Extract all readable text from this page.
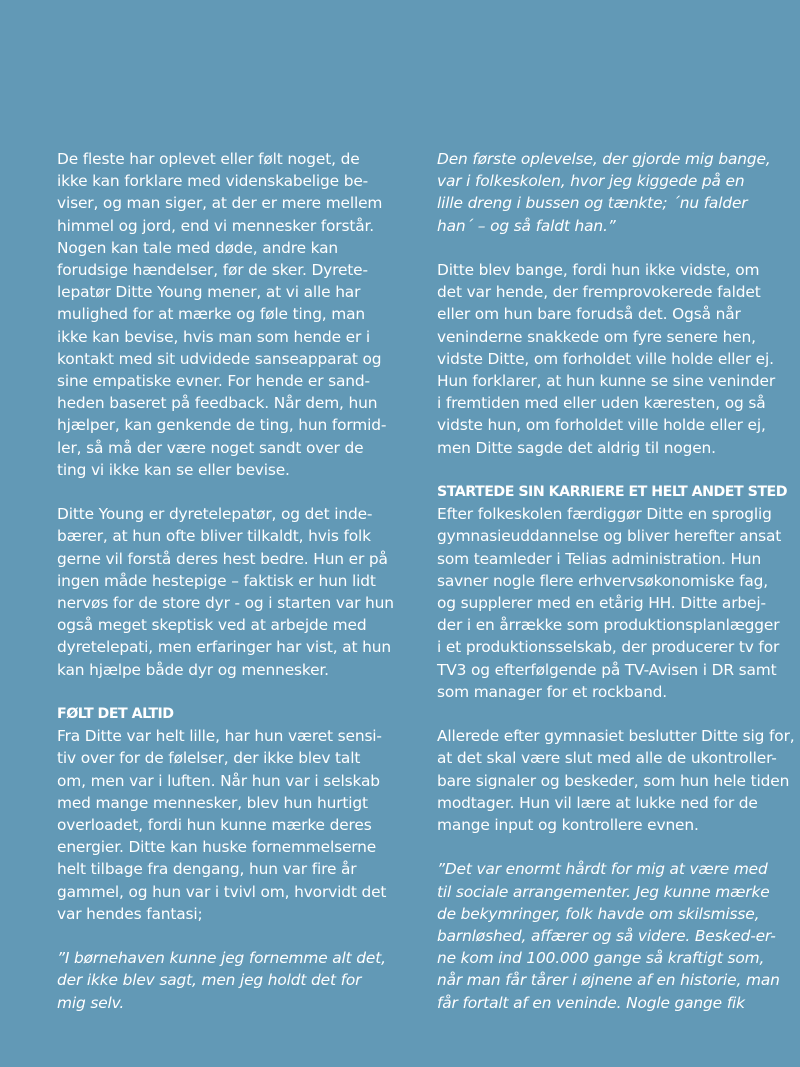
De fleste har oplevet eller følt noget, de
ikke kan forklare med videnskabelige be-
viser, og man siger, at der er mere mellem
himmel og jord, end vi mennesker forstår.
Nogen kan tale med døde, andre kan
forudsige hændelser, før de sker. Dyrete-
lepatør Ditte Young mener, at vi alle har
mulighed for at mærke og føle ting, man
ikke kan bevise, hvis man som hende er i
kontakt med sit udvidede sanseapparat og
sine empatiske evner. For hende er sand-
heden baseret på feedback. Når dem, hun
hjælper, kan genkende de ting, hun formid-
ler, så må der være noget sandt over de
ting vi ikke kan se eller bevise.
Ditte Young er dyretelepatør, og det inde-
bærer, at hun ofte bliver tilkaldt, hvis folk
gerne vil forstå deres hest bedre. Hun er på
ingen måde hestepige – faktisk er hun lidt
nervøs for de store dyr - og i starten var hun
også meget skeptisk ved at arbejde med
dyretelepati, men erfaringer har vist, at hun
kan hjælpe både dyr og mennesker.
FØLT DET ALTID
Fra Ditte var helt lille, har hun været sensi-
tiv over for de følelser, der ikke blev talt
om, men var i luften. Når hun var i selskab
med mange mennesker, blev hun hurtigt
overloadet, fordi hun kunne mærke deres
energier. Ditte kan huske fornemmelserne
helt tilbage fra dengang, hun var fire år
gammel, og hun var i tvivl om, hvorvidt det
var hendes fantasi;
”I børnehaven kunne jeg fornemme alt det,
der ikke blev sagt, men jeg holdt det for
mig selv.
Den første oplevelse, der gjorde mig bange,
var i folkeskolen, hvor jeg kiggede på en
lille dreng i bussen og tænkte; ´nu falder
han´ – og så faldt han.”
Ditte blev bange, fordi hun ikke vidste, om
det var hende, der fremprovokerede faldet
eller om hun bare forudså det. Også når
veninderne snakkede om fyre senere hen,
vidste Ditte, om forholdet ville holde eller ej.
Hun forklarer, at hun kunne se sine veninder
i fremtiden med eller uden kæresten, og så
vidste hun, om forholdet ville holde eller ej,
men Ditte sagde det aldrig til nogen.
STARTEDE SIN KARRIERE ET HELT ANDET STED
Efter folkeskolen færdiggør Ditte en sproglig
gymnasieuddannelse og bliver herefter ansat
som teamleder i Telias administration. Hun
savner nogle flere erhvervsøkonomiske fag,
og supplerer med en etårig HH. Ditte arbej-
der i en årrække som produktionsplanlægger
i et produktionsselskab, der producerer tv for
TV3 og efterfølgende på TV-Avisen i DR samt
som manager for et rockband.
Allerede efter gymnasiet beslutter Ditte sig for,
at det skal være slut med alle de ukontroller-
bare signaler og beskeder, som hun hele tiden
modtager. Hun vil lære at lukke ned for de
mange input og kontrollere evnen.
”Det var enormt hårdt for mig at være med
til sociale arrangementer. Jeg kunne mærke
de bekymringer, folk havde om skilsmisse,
barnløshed, affærer og så videre. Besked-er-
ne kom ind 100.000 gange så kraftigt som,
når man får tårer i øjnene af en historie, man
får fortalt af en veninde. Nogle gange fik
